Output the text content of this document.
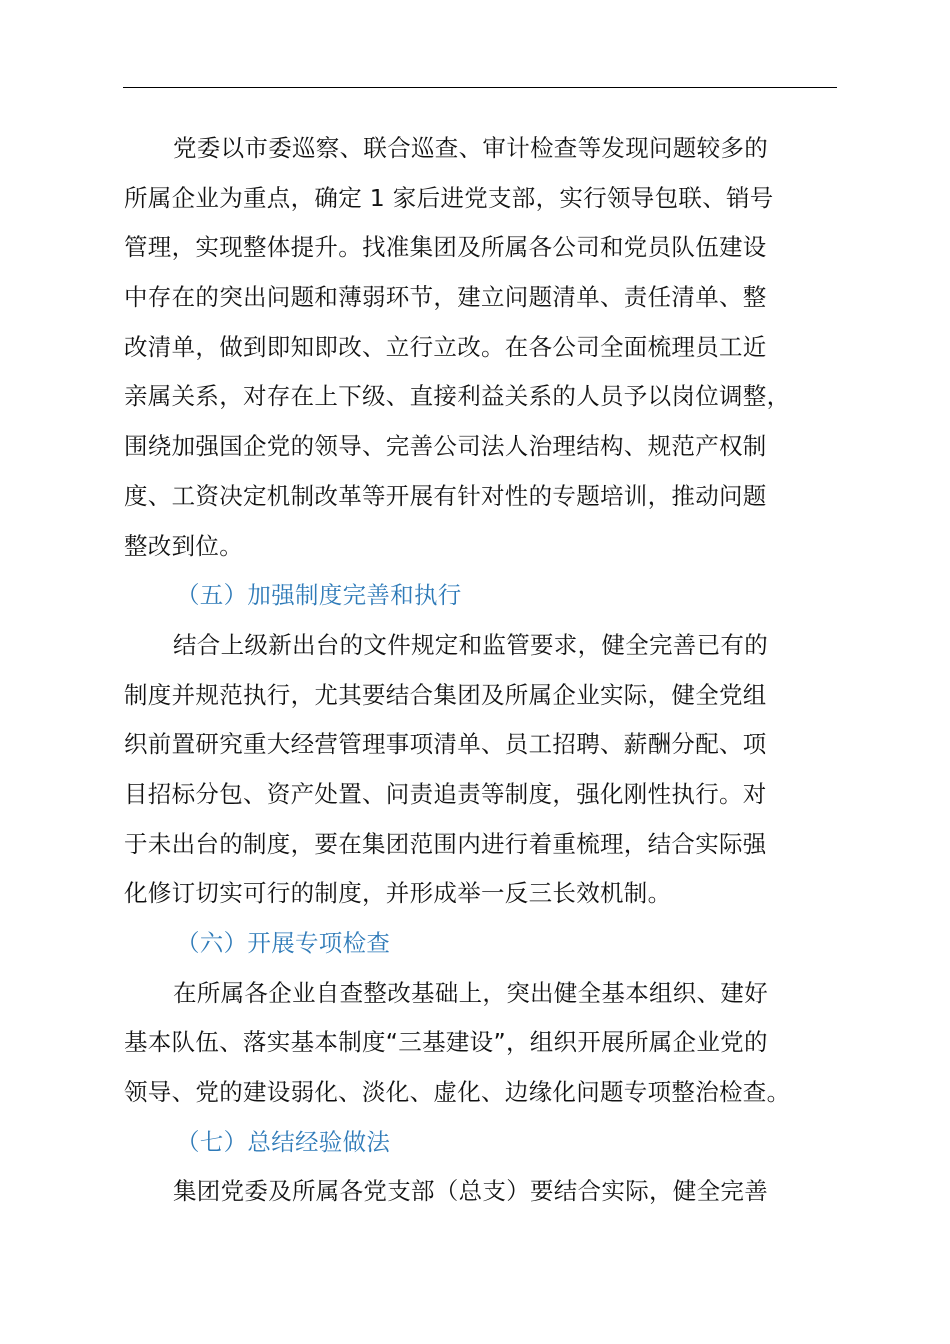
党委以市委巡察、联合巡查、审计检查等发现问题较多的
所属企业为重点，确定 1 家后进党支部，实行领导包联、销号
管理，实现整体提升。找准集团及所属各公司和党员队伍建设
中存在的突出问题和薄弱环节，建立问题清单、责任清单、整
改清单，做到即知即改、立行立改。在各公司全面梳理员工近
亲属关系，对存在上下级、直接利益关系的人员予以岗位调整，
围绕加强国企党的领导、完善公司法人治理结构、规范产权制
度、工资决定机制改革等开展有针对性的专题培训，推动问题
整改到位。
（五）加强制度完善和执行
结合上级新出台的文件规定和监管要求，健全完善已有的
制度并规范执行，尤其要结合集团及所属企业实际，健全党组
织前置研究重大经营管理事项清单、员工招聘、薪酬分配、项
目招标分包、资产处置、问责追责等制度，强化刚性执行。对
于未出台的制度，要在集团范围内进行着重梳理，结合实际强
化修订切实可行的制度，并形成举一反三长效机制。
（六）开展专项检查
在所属各企业自查整改基础上，突出健全基本组织、建好
基本队伍、落实基本制度“三基建设”，组织开展所属企业党的
领导、党的建设弱化、淡化、虚化、边缘化问题专项整治检查。
（七）总结经验做法
集团党委及所属各党支部（总支）要结合实际，健全完善
